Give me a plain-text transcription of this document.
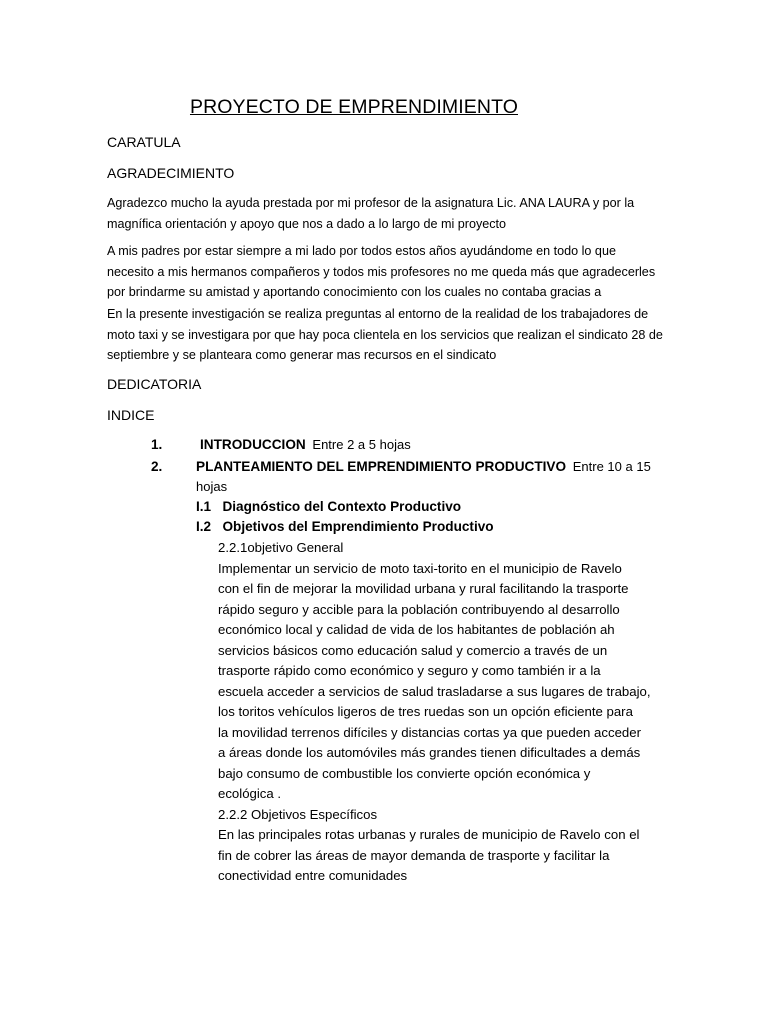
PROYECTO DE EMPRENDIMIENTO
CARATULA
AGRADECIMIENTO
Agradezco mucho la ayuda prestada por mi profesor de la asignatura Lic. ANA LAURA y por la
magnífica orientación y apoyo que nos a dado a lo largo de mi proyecto
A mis padres por estar siempre a mi lado por todos estos años ayudándome en todo lo que
necesito a mis hermanos compañeros y todos mis profesores no me queda más que agradecerles
por brindarme su amistad y aportando conocimiento con los cuales no contaba gracias a
En la presente investigación se realiza preguntas al entorno de la realidad de los trabajadores de
moto taxi y se investigara por que hay poca clientela en los servicios que realizan el sindicato 28 de
septiembre y se planteara como generar mas recursos en el sindicato
DEDICATORIA
INDICE
1.	INTRODUCCION Entre 2 a 5 hojas
2. PLANTEAMIENTO DEL EMPRENDIMIENTO PRODUCTIVO Entre 10 a 15
hojas
I.1   Diagnóstico del Contexto Productivo
I.2   Objetivos del Emprendimiento Productivo
2.2.1objetivo General
Implementar un servicio de moto taxi-torito en el municipio de Ravelo
con el fin de mejorar la movilidad urbana y rural facilitando la trasporte
rápido seguro y accible para la población contribuyendo al desarrollo
económico local y calidad de vida de los habitantes de población ah
servicios básicos como educación salud y comercio a través de un
trasporte rápido como económico y seguro y como también ir a la
escuela acceder a servicios de salud trasladarse a sus lugares de trabajo,
los toritos vehículos ligeros de tres ruedas son un opción eficiente para
la movilidad terrenos difíciles y distancias cortas ya que pueden acceder
a áreas donde los automóviles más grandes tienen dificultades a demás
bajo consumo de combustible los convierte opción económica y
ecológica .
2.2.2 Objetivos Específicos
En las principales rotas urbanas y rurales de municipio de Ravelo con el
fin de cobrer las áreas de mayor demanda de trasporte y facilitar la
conectividad entre comunidades
